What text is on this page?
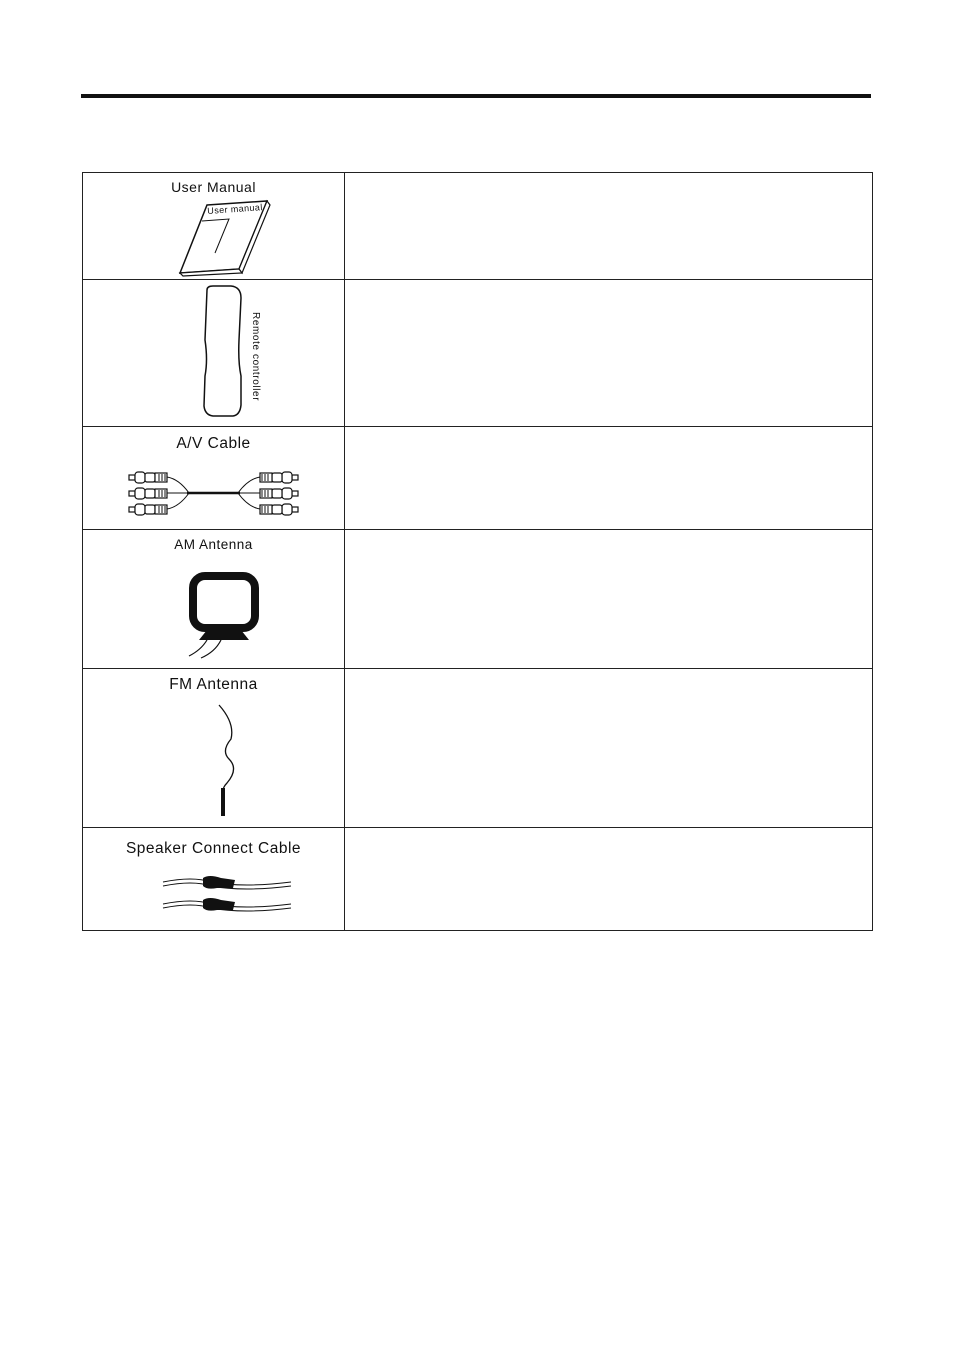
User Manual
User manual	

Remote controller	

A/V Cable	

AM Antenna	

FM Antenna	

Speaker Connect Cable	
